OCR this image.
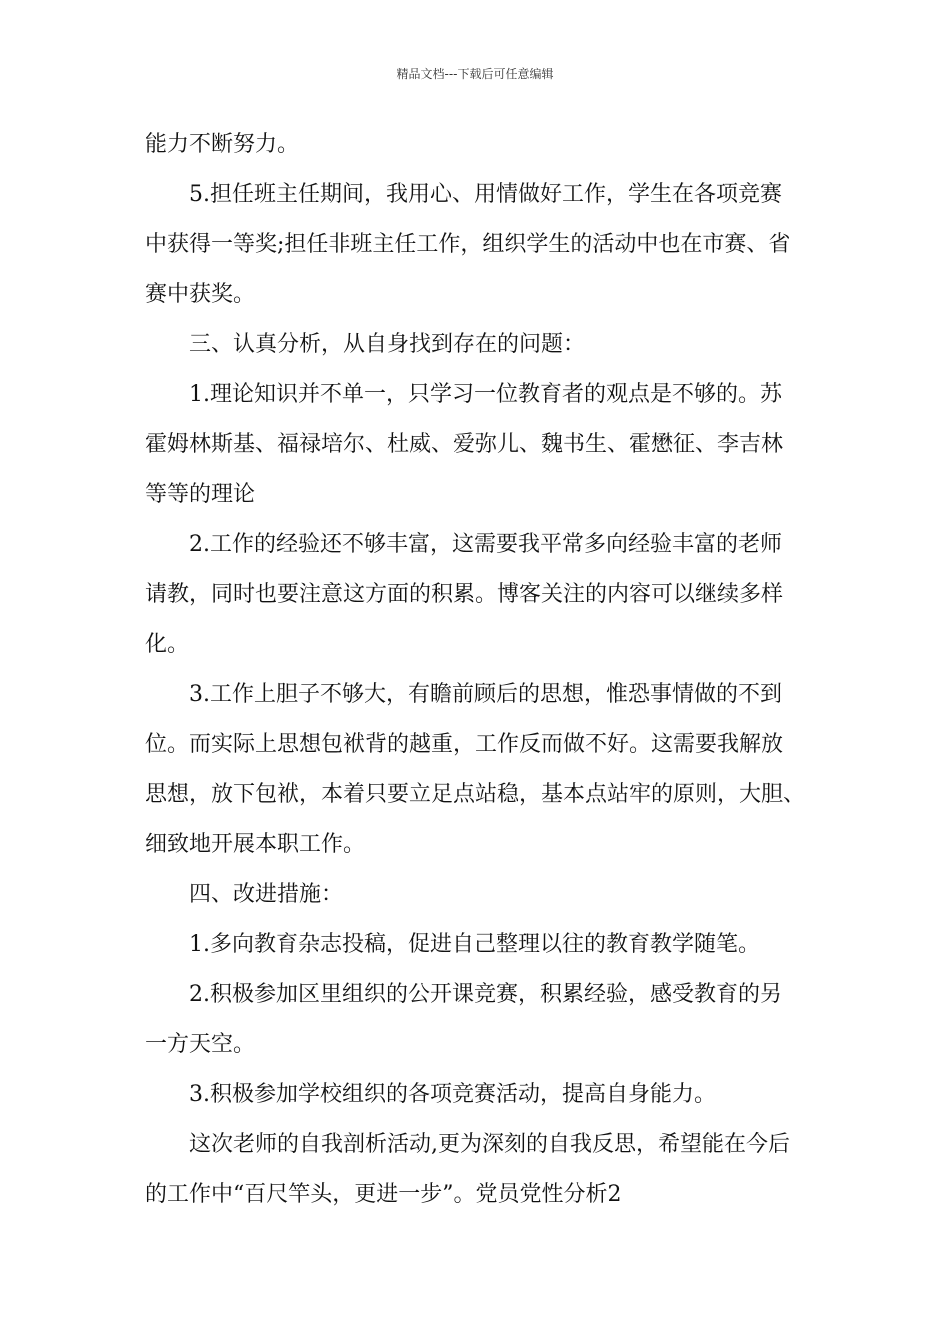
精品文档---下载后可任意编辑
能力不断努力。
5.担任班主任期间，我用心、用情做好工作，学生在各项竞赛
中获得一等奖;担任非班主任工作，组织学生的活动中也在市赛、省
赛中获奖。
三、认真分析，从自身找到存在的问题：
1.理论知识并不单一，只学习一位教育者的观点是不够的。苏
霍姆林斯基、福禄培尔、杜威、爱弥儿、魏书生、霍懋征、李吉林
等等的理论
2.工作的经验还不够丰富，这需要我平常多向经验丰富的老师
请教，同时也要注意这方面的积累。博客关注的内容可以继续多样
化。
3.工作上胆子不够大，有瞻前顾后的思想，惟恐事情做的不到
位。而实际上思想包袱背的越重，工作反而做不好。这需要我解放
思想，放下包袱，本着只要立足点站稳，基本点站牢的原则，大胆、
细致地开展本职工作。
四、改进措施：
1.多向教育杂志投稿，促进自己整理以往的教育教学随笔。
2.积极参加区里组织的公开课竞赛，积累经验，感受教育的另
一方天空。
3.积极参加学校组织的各项竞赛活动，提高自身能力。
这次老师的自我剖析活动,更为深刻的自我反思，希望能在今后
的工作中“百尺竿头，更进一步”。党员党性分析2
